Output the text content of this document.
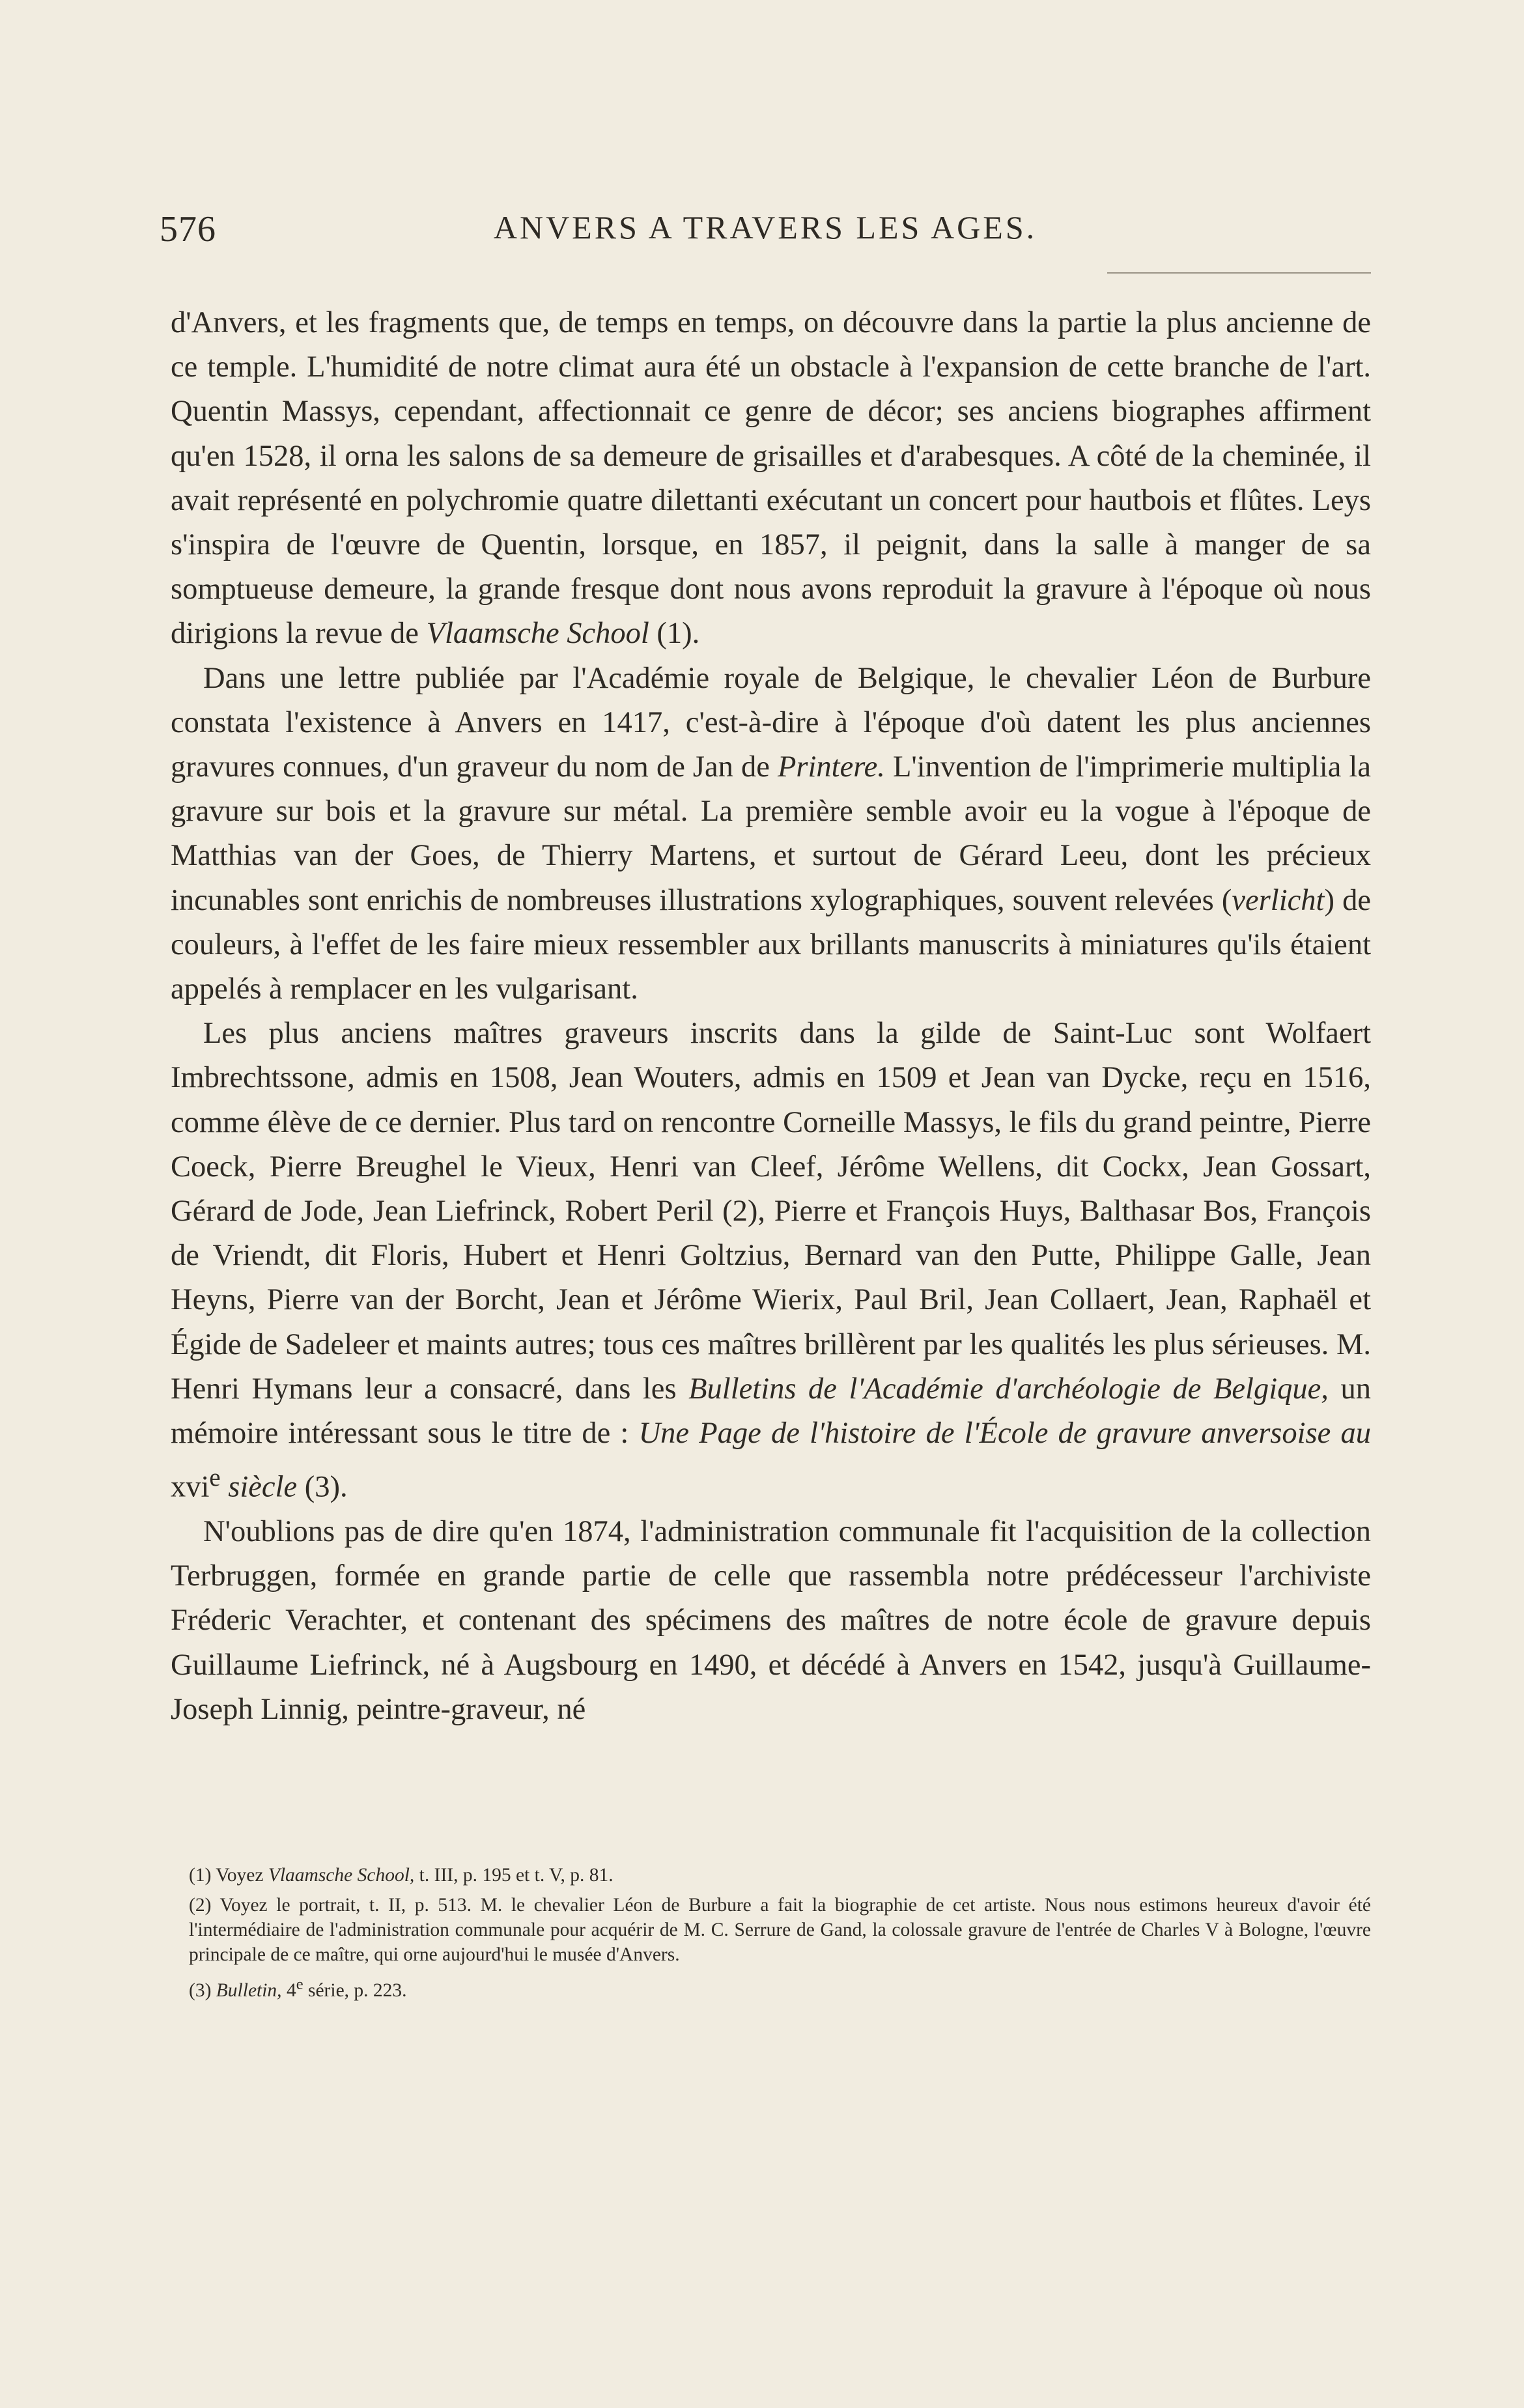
576	ANVERS A TRAVERS LES AGES.

d'Anvers, et les fragments que, de temps en temps, on découvre dans la partie la plus ancienne de ce temple. L'humidité de notre climat aura été un obstacle à l'expansion de cette branche de l'art. Quentin Massys, cependant, affectionnait ce genre de décor; ses anciens biographes affirment qu'en 1528, il orna les salons de sa demeure de grisailles et d'arabesques. A côté de la cheminée, il avait représenté en polychromie quatre dilettanti exécutant un concert pour hautbois et flûtes. Leys s'inspira de l'œuvre de Quentin, lorsque, en 1857, il peignit, dans la salle à manger de sa somptueuse demeure, la grande fresque dont nous avons reproduit la gravure à l'époque où nous dirigions la revue de Vlaamsche School (1).

Dans une lettre publiée par l'Académie royale de Belgique, le chevalier Léon de Burbure constata l'existence à Anvers en 1417, c'est-à-dire à l'époque d'où datent les plus anciennes gravures connues, d'un graveur du nom de Jan de Printere. L'invention de l'imprimerie multiplia la gravure sur bois et la gravure sur métal. La première semble avoir eu la vogue à l'époque de Matthias van der Goes, de Thierry Martens, et surtout de Gérard Leeu, dont les précieux incunables sont enrichis de nombreuses illustrations xylographiques, souvent relevées (verlicht) de couleurs, à l'effet de les faire mieux ressembler aux brillants manuscrits à miniatures qu'ils étaient appelés à remplacer en les vulgarisant.

Les plus anciens maîtres graveurs inscrits dans la gilde de Saint-Luc sont Wolfaert Imbrechtssone, admis en 1508, Jean Wouters, admis en 1509 et Jean van Dycke, reçu en 1516, comme élève de ce dernier. Plus tard on rencontre Corneille Massys, le fils du grand peintre, Pierre Coeck, Pierre Breughel le Vieux, Henri van Cleef, Jérôme Wellens, dit Cockx, Jean Gossart, Gérard de Jode, Jean Liefrinck, Robert Peril (2), Pierre et François Huys, Balthasar Bos, François de Vriendt, dit Floris, Hubert et Henri Goltzius, Bernard van den Putte, Philippe Galle, Jean Heyns, Pierre van der Borcht, Jean et Jérôme Wierix, Paul Bril, Jean Collaert, Jean, Raphaël et Égide de Sadeleer et maints autres; tous ces maîtres brillèrent par les qualités les plus sérieuses. M. Henri Hymans leur a consacré, dans les Bulletins de l'Académie d'archéologie de Belgique, un mémoire intéressant sous le titre de : Une Page de l'histoire de l'École de gravure anversoise au xvi$^e$ siècle (3).

N'oublions pas de dire qu'en 1874, l'administration communale fit l'acquisition de la collection Terbruggen, formée en grande partie de celle que rassembla notre prédécesseur l'archiviste Fréderic Verachter, et contenant des spécimens des maîtres de notre école de gravure depuis Guillaume Liefrinck, né à Augsbourg en 1490, et décédé à Anvers en 1542, jusqu'à Guillaume-Joseph Linnig, peintre-graveur, né

(1) Voyez Vlaamsche School, t. III, p. 195 et t. V, p. 81.

(2) Voyez le portrait, t. II, p. 513. M. le chevalier Léon de Burbure a fait la biographie de cet artiste. Nous nous estimons heureux d'avoir été l'intermédiaire de l'administration communale pour acquérir de M. C. Serrure de Gand, la colossale gravure de l'entrée de Charles V à Bologne, l'œuvre principale de ce maître, qui orne aujourd'hui le musée d'Anvers.

(3) Bulletin, 4e série, p. 223.
